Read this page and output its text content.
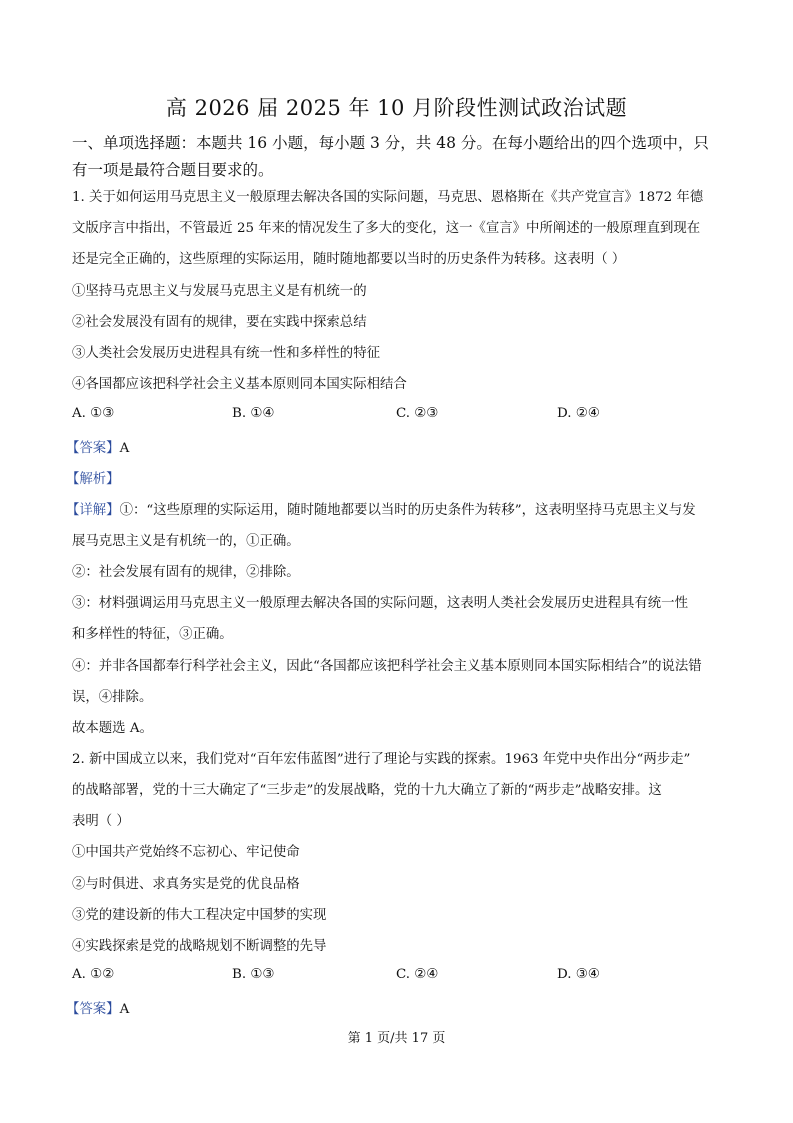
高 2026 届 2025 年 10 月阶段性测试政治试题
一、单项选择题：本题共 16 小题，每小题 3 分，共 48 分。在每小题给出的四个选项中，只
有一项是最符合题目要求的。
1. 关于如何运用马克思主义一般原理去解决各国的实际问题，马克思、恩格斯在《共产党宣言》1872 年德
文版序言中指出，不管最近 25 年来的情况发生了多大的变化，这一《宣言》中所阐述的一般原理直到现在
还是完全正确的，这些原理的实际运用，随时随地都要以当时的历史条件为转移。这表明（ ）
①坚持马克思主义与发展马克思主义是有机统一的
②社会发展没有固有的规律，要在实践中探索总结
③人类社会发展历史进程具有统一性和多样性的特征
④各国都应该把科学社会主义基本原则同本国实际相结合
A. ①③	B. ①④	C. ②③	D. ②④
【答案】A
【解析】
【详解】①：“这些原理的实际运用，随时随地都要以当时的历史条件为转移”，这表明坚持马克思主义与发
展马克思主义是有机统一的，①正确。
②：社会发展有固有的规律，②排除。
③：材料强调运用马克思主义一般原理去解决各国的实际问题，这表明人类社会发展历史进程具有统一性
和多样性的特征，③正确。
④：并非各国都奉行科学社会主义，因此“各国都应该把科学社会主义基本原则同本国实际相结合”的说法错
误，④排除。
故本题选 A。
2. 新中国成立以来，我们党对“百年宏伟蓝图”进行了理论与实践的探索。1963 年党中央作出分“两步走”
的战略部署，党的十三大确定了“三步走”的发展战略，党的十九大确立了新的“两步走”战略安排。这
表明（ ）
①中国共产党始终不忘初心、牢记使命
②与时俱进、求真务实是党的优良品格
③党的建设新的伟大工程决定中国梦的实现
④实践探索是党的战略规划不断调整的先导
A. ①②	B. ①③	C. ②④	D. ③④
【答案】A
第 1 页/共 17 页
